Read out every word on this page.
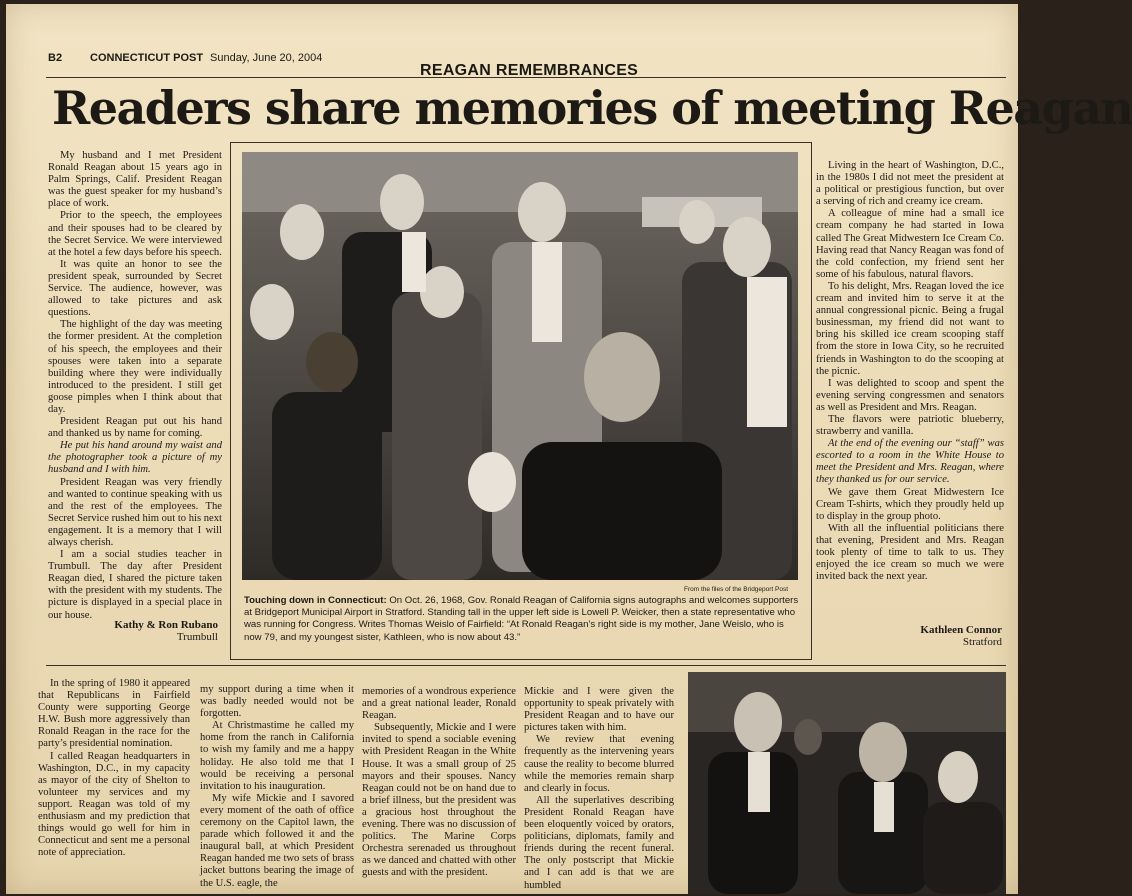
B2	CONNECTICUT POST Sunday, June 20, 2004
REAGAN REMEMBRANCES
Readers share memories of meeting Reagan

My husband and I met President Ronald Reagan about 15 years ago in Palm Springs, Calif. President Reagan was the guest speaker for my husband’s place of work.

Prior to the speech, the employees and their spouses had to be cleared by the Secret Service. We were interviewed at the hotel a few days before his speech.

It was quite an honor to see the president speak, surrounded by Secret Service. The audience, however, was allowed to take pictures and ask questions.

The highlight of the day was meeting the former president. At the completion of his speech, the employees and their spouses were taken into a separate building where they were individually introduced to the president. I still get goose pimples when I think about that day.

President Reagan put out his hand and thanked us by name for coming.

He put his hand around my waist and the photographer took a picture of my husband and I with him.

President Reagan was very friendly and wanted to continue speaking with us and the rest of the employees. The Secret Service rushed him out to his next engagement. It is a memory that I will always cherish.

I am a social studies teacher in Trumbull. The day after President Reagan died, I shared the picture taken with the president with my students. The picture is displayed in a special place in our house.

Kathy & Ron Rubano
Trumbull
From the files of the Bridgeport Post
Touching down in Connecticut: On Oct. 26, 1968, Gov. Ronald Reagan of California signs autographs and welcomes supporters at Bridgeport Municipal Airport in Stratford. Standing tall in the upper left side is Lowell P. Weicker, then a state representative who was running for Congress. Writes Thomas Weislo of Fairfield: “At Ronald Reagan’s right side is my mother, Jane Weislo, who is now 79, and my youngest sister, Kathleen, who is now about 43.”

Living in the heart of Washington, D.C., in the 1980s I did not meet the president at a political or prestigious function, but over a serving of rich and creamy ice cream.

A colleague of mine had a small ice cream company he had started in Iowa called The Great Midwestern Ice Cream Co. Having read that Nancy Reagan was fond of the cold confection, my friend sent her some of his fabulous, natural flavors.

To his delight, Mrs. Reagan loved the ice cream and invited him to serve it at the annual congressional picnic. Being a frugal businessman, my friend did not want to bring his skilled ice cream scooping staff from the store in Iowa City, so he recruited friends in Washington to do the scooping at the picnic.

I was delighted to scoop and spent the evening serving congressmen and senators as well as President and Mrs. Reagan.

The flavors were patriotic blueberry, strawberry and vanilla.

At the end of the evening our “staff” was escorted to a room in the White House to meet the President and Mrs. Reagan, where they thanked us for our service.

We gave them Great Midwestern Ice Cream T-shirts, which they proudly held up to display in the group photo.

With all the influential politicians there that evening, President and Mrs. Reagan took plenty of time to talk to us. They enjoyed the ice cream so much we were invited back the next year.

Kathleen Connor
Stratford

In the spring of 1980 it appeared that Republicans in Fairfield County were supporting George H.W. Bush more aggressively than Ronald Reagan in the race for the party’s presidential nomination.

I called Reagan headquarters in Washington, D.C., in my capacity as mayor of the city of Shelton to volunteer my services and my support. Reagan was told of my enthusiasm and my prediction that things would go well for him in Connecticut and sent me a personal note of appreciation.

my support during a time when it was badly needed would not be forgotten.

At Christmastime he called my home from the ranch in California to wish my family and me a happy holiday. He also told me that I would be receiving a personal invitation to his inauguration.

My wife Mickie and I savored every moment of the oath of office ceremony on the Capitol lawn, the parade which followed it and the inaugural ball, at which President Reagan handed me two sets of brass jacket buttons bearing the image of the U.S. eagle, the

memories of a wondrous experience and a great national leader, Ronald Reagan.

Subsequently, Mickie and I were invited to spend a sociable evening with President Reagan in the White House. It was a small group of 25 mayors and their spouses. Nancy Reagan could not be on hand due to a brief illness, but the president was a gracious host throughout the evening. There was no discussion of politics. The Marine Corps Orchestra serenaded us throughout as we danced and chatted with other guests and with the president.

Mickie and I were given the opportunity to speak privately with President Reagan and to have our pictures taken with him.

We review that evening frequently as the intervening years cause the reality to become blurred while the memories remain sharp and clearly in focus.

All the superlatives describing President Ronald Reagan have been eloquently voiced by orators, politicians, diplomats, family and friends during the recent funeral. The only postscript that Mickie and I can add is that we are humbled
